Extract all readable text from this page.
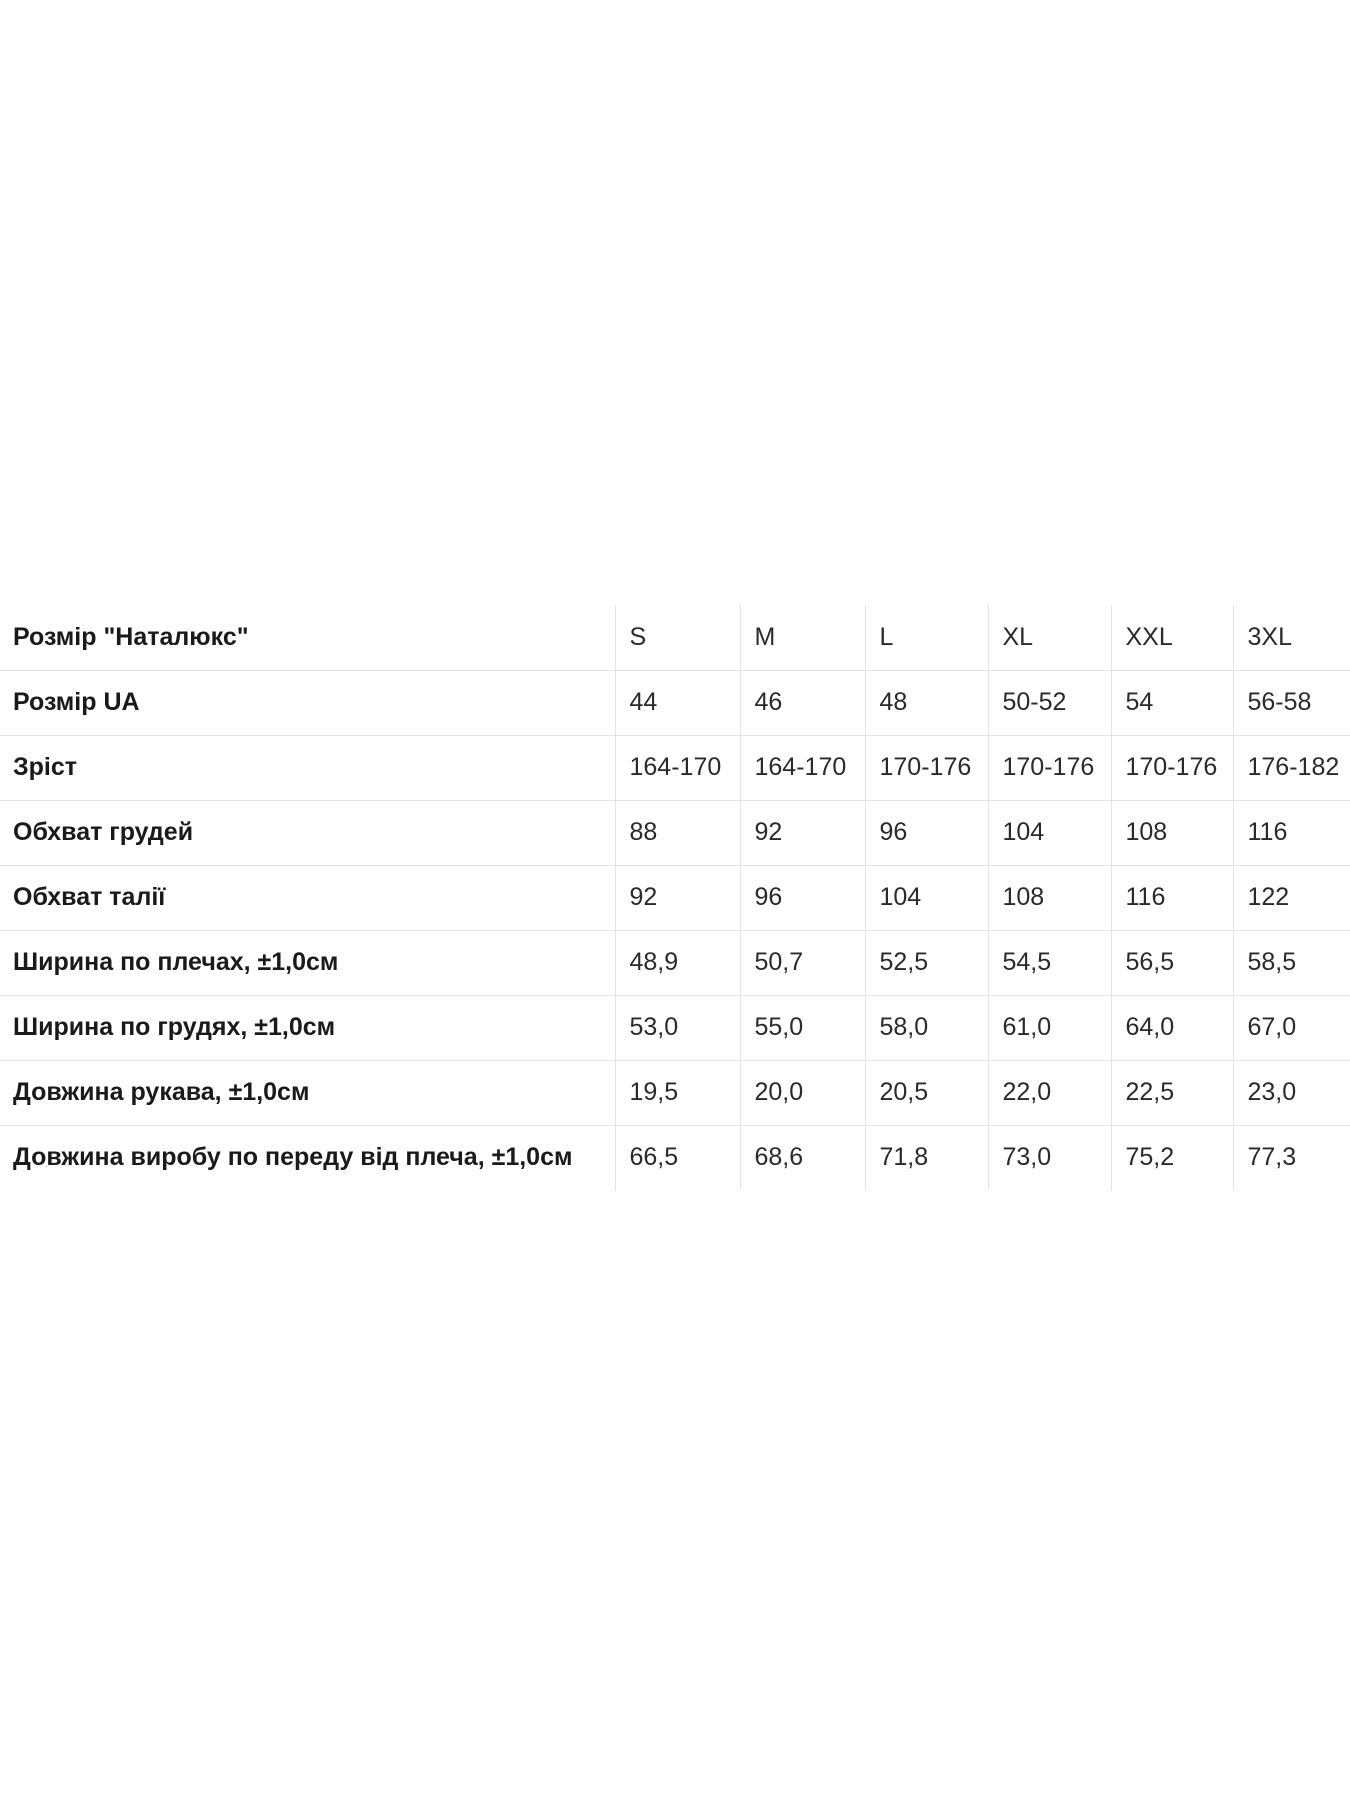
Розмір "Наталюкс"	S	M	L	XL	XXL	3XL
Розмір UA	44	46	48	50-52	54	56-58
Зріст	164-170	164-170	170-176	170-176	170-176	176-182
Обхват грудей	88	92	96	104	108	116
Обхват талії	92	96	104	108	116	122
Ширина по плечах, ±1,0см	48,9	50,7	52,5	54,5	56,5	58,5
Ширина по грудях, ±1,0см	53,0	55,0	58,0	61,0	64,0	67,0
Довжина рукава, ±1,0см	19,5	20,0	20,5	22,0	22,5	23,0
Довжина виробу по переду від плеча, ±1,0см	66,5	68,6	71,8	73,0	75,2	77,3
